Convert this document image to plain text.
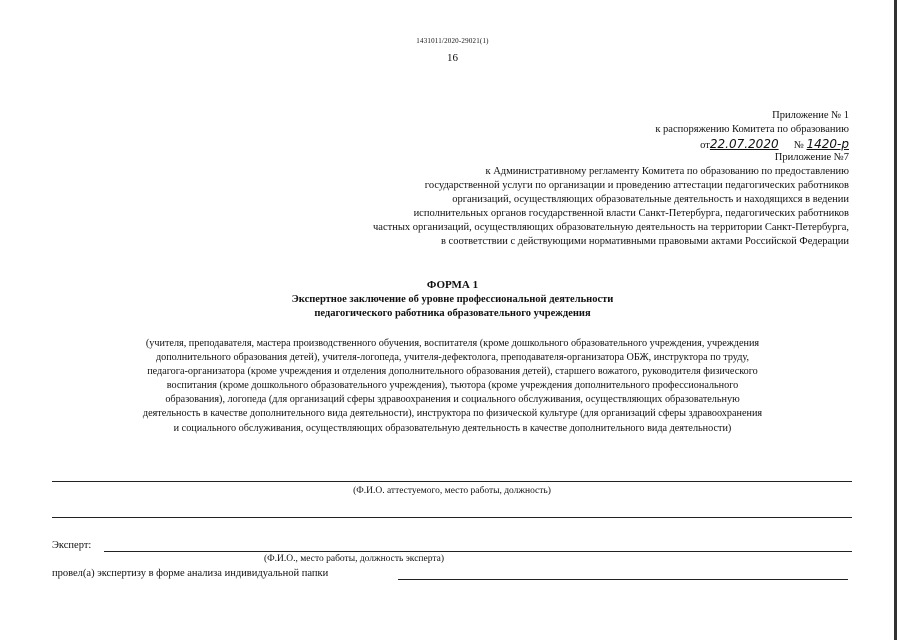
1431011/2020-29021(1)
16
Приложение № 1
к распоряжению Комитета по образованию
от22.07.2020 № 1420-р
Приложение №7
к Административному регламенту Комитета по образованию по предоставлению
государственной услуги по организации и проведению аттестации педагогических работников
организаций, осуществляющих образовательные деятельность и находящихся в ведении
исполнительных органов государственной власти Санкт-Петербурга, педагогических работников
частных организаций, осуществляющих образовательную деятельность на территории Санкт-Петербурга,
в соответствии с действующими нормативными правовыми актами Российской Федерации
ФОРМА 1
Экспертное заключение об уровне профессиональной деятельности
педагогического работника образовательного учреждения
(учителя, преподавателя, мастера производственного обучения, воспитателя (кроме дошкольного образовательного учреждения, учреждения
дополнительного образования детей), учителя-логопеда, учителя-дефектолога, преподавателя-организатора ОБЖ, инструктора по труду,
педагога-организатора (кроме учреждения и отделения дополнительного образования детей), старшего вожатого, руководителя физического
воспитания (кроме дошкольного образовательного учреждения), тьютора (кроме учреждения дополнительного профессионального
образования), логопеда (для организаций сферы здравоохранения и социального обслуживания, осуществляющих образовательную
деятельность в качестве дополнительного вида деятельности), инструктора по физической культуре (для организаций сферы здравоохранения
и социального обслуживания, осуществляющих образовательную деятельность в качестве дополнительного вида деятельности)
(Ф.И.О. аттестуемого, место работы, должность)
Эксперт:
(Ф.И.О., место работы, должность эксперта)
провел(а) экспертизу в форме анализа индивидуальной папки
